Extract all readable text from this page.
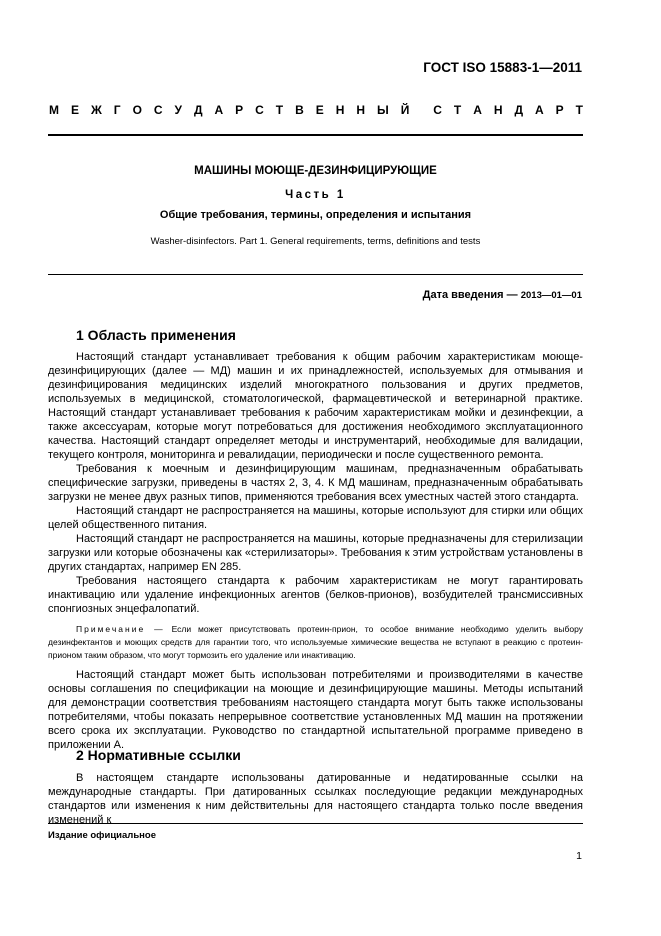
ГОСТ ISO 15883-1—2011
М Е Ж Г О С У Д А Р С Т В Е Н Н Ы Й С Т А Н Д А Р Т
МАШИНЫ МОЮЩЕ-ДЕЗИНФИЦИРУЮЩИЕ
Часть 1
Общие требования, термины, определения и испытания
Washer-disinfectors. Part 1. General requirements, terms, definitions and tests
Дата введения — 2013—01—01
1 Область применения

Настоящий стандарт устанавливает требования к общим рабочим характеристикам моюще-дезинфицирующих (далее — МД) машин и их принадлежностей, используемых для отмывания и дезинфицирования медицинских изделий многократного пользования и других предметов, используемых в медицинской, стоматологической, фармацевтической и ветеринарной практике. Настоящий стандарт устанавливает требования к рабочим характеристикам мойки и дезинфекции, а также аксессуарам, которые могут потребоваться для достижения необходимого эксплуатационного качества. Настоящий стандарт определяет методы и инструментарий, необходимые для валидации, текущего контроля, мониторинга и ревалидации, периодически и после существенного ремонта.

Требования к моечным и дезинфицирующим машинам, предназначенным обрабатывать специфические загрузки, приведены в частях 2, 3, 4. К МД машинам, предназначенным обрабатывать загрузки не менее двух разных типов, применяются требования всех уместных частей этого стандарта.

Настоящий стандарт не распространяется на машины, которые используют для стирки или общих целей общественного питания.

Настоящий стандарт не распространяется на машины, которые предназначены для стерилизации загрузки или которые обозначены как «стерилизаторы». Требования к этим устройствам установлены в других стандартах, например EN 285.

Требования настоящего стандарта к рабочим характеристикам не могут гарантировать инактивацию или удаление инфекционных агентов (белков-прионов), возбудителей трансмиссивных спонгиозных энцефалопатий.

Примечание — Если может присутствовать протеин-прион, то особое внимание необходимо уделить выбору дезинфектантов и моющих средств для гарантии того, что используемые химические вещества не вступают в реакцию с протеин-прионом таким образом, что могут тормозить его удаление или инактивацию.

Настоящий стандарт может быть использован потребителями и производителями в качестве основы соглашения по спецификации на моющие и дезинфицирующие машины. Методы испытаний для демонстрации соответствия требованиям настоящего стандарта могут быть также использованы потребителями, чтобы показать непрерывное соответствие установленных МД машин на протяжении всего срока их эксплуатации. Руководство по стандартной испытательной программе приведено в приложении А.

2 Нормативные ссылки

В настоящем стандарте использованы датированные и недатированные ссылки на международные стандарты. При датированных ссылках последующие редакции международных стандартов или изменения к ним действительны для настоящего стандарта только после введения изменений к

Издание официальное
1
